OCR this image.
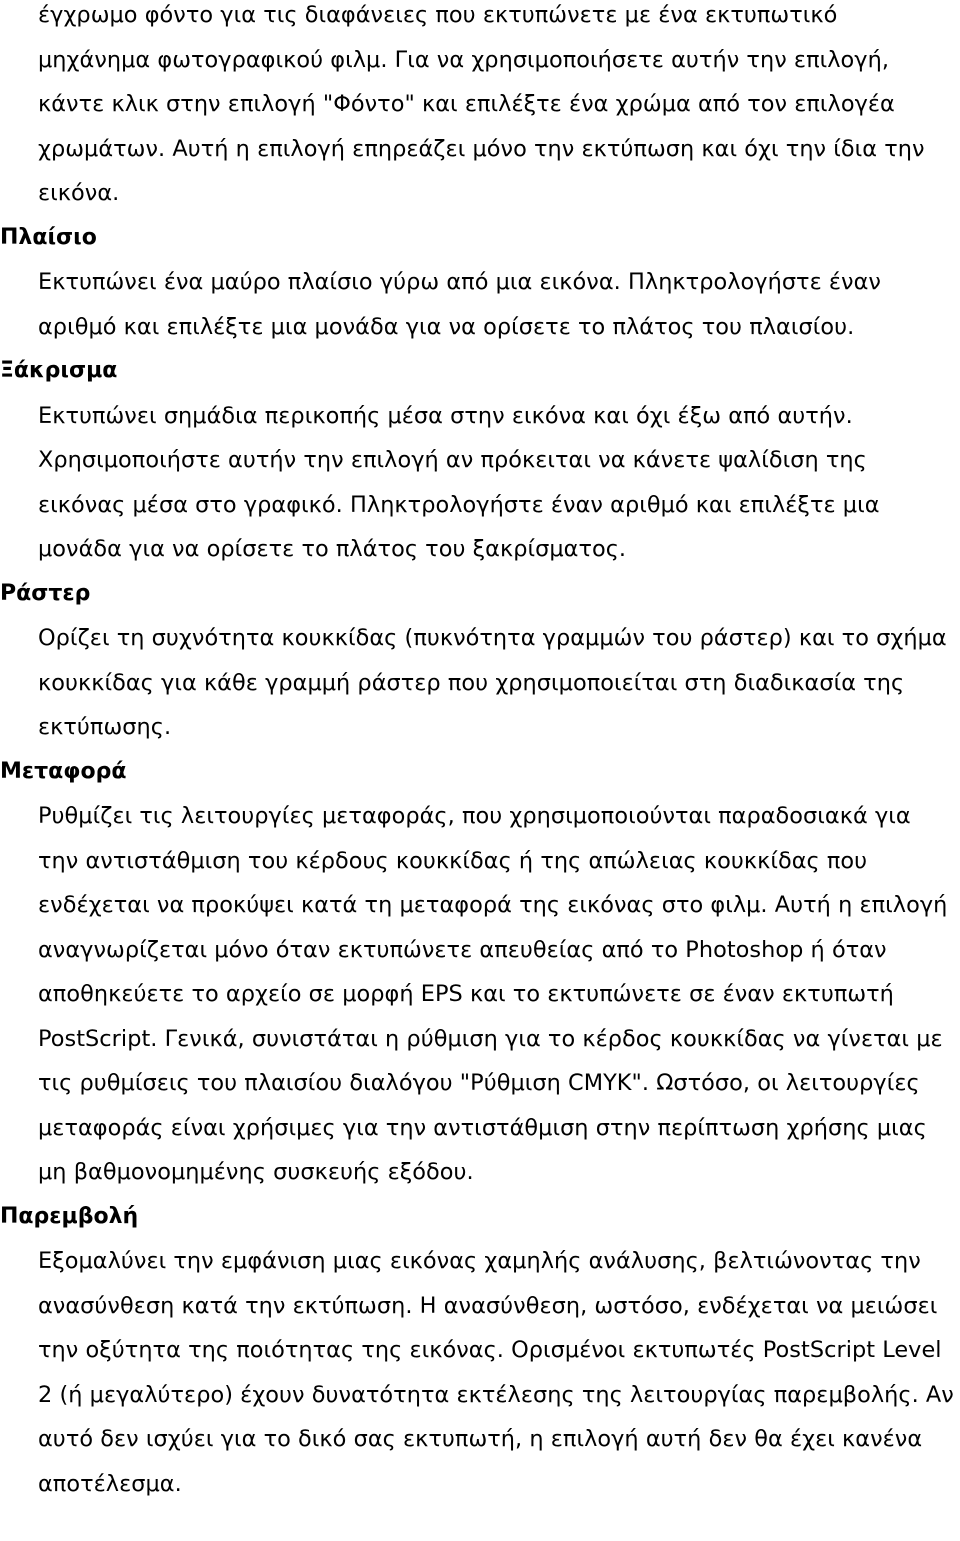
έγχρωμο φόντο για τις διαφάνειες που εκτυπώνετε με ένα εκτυπωτικό μηχάνημα φωτογραφικού φιλμ. Για να χρησιμοποιήσετε αυτήν την επιλογή, κάντε κλικ στην επιλογή "Φόντο" και επιλέξτε ένα χρώμα από τον επιλογέα χρωμάτων. Αυτή η επιλογή επηρεάζει μόνο την εκτύπωση και όχι την ίδια την εικόνα.

Πλαίσιο

Εκτυπώνει ένα μαύρο πλαίσιο γύρω από μια εικόνα. Πληκτρολογήστε έναν αριθμό και επιλέξτε μια μονάδα για να ορίσετε το πλάτος του πλαισίου.

Ξάκρισμα

Εκτυπώνει σημάδια περικοπής μέσα στην εικόνα και όχι έξω από αυτήν. Χρησιμοποιήστε αυτήν την επιλογή αν πρόκειται να κάνετε ψαλίδιση της εικόνας μέσα στο γραφικό. Πληκτρολογήστε έναν αριθμό και επιλέξτε μια μονάδα για να ορίσετε το πλάτος του ξακρίσματος.

Ράστερ

Ορίζει τη συχνότητα κουκκίδας (πυκνότητα γραμμών του ράστερ) και το σχήμα κουκκίδας για κάθε γραμμή ράστερ που χρησιμοποιείται στη διαδικασία της εκτύπωσης.

Μεταφορά

Ρυθμίζει τις λειτουργίες μεταφοράς, που χρησιμοποιούνται παραδοσιακά για την αντιστάθμιση του κέρδους κουκκίδας ή της απώλειας κουκκίδας που ενδέχεται να προκύψει κατά τη μεταφορά της εικόνας στο φιλμ. Αυτή η επιλογή αναγνωρίζεται μόνο όταν εκτυπώνετε απευθείας από το Photoshop ή όταν αποθηκεύετε το αρχείο σε μορφή EPS και το εκτυπώνετε σε έναν εκτυπωτή PostScript. Γενικά, συνιστάται η ρύθμιση για το κέρδος κουκκίδας να γίνεται με τις ρυθμίσεις του πλαισίου διαλόγου "Ρύθμιση CMYK". Ωστόσο, οι λειτουργίες μεταφοράς είναι χρήσιμες για την αντιστάθμιση στην περίπτωση χρήσης μιας μη βαθμονομημένης συσκευής εξόδου.

Παρεμβολή

Εξομαλύνει την εμφάνιση μιας εικόνας χαμηλής ανάλυσης, βελτιώνοντας την ανασύνθεση κατά την εκτύπωση. Η ανασύνθεση, ωστόσο, ενδέχεται να μειώσει την οξύτητα της ποιότητας της εικόνας. Ορισμένοι εκτυπωτές PostScript Level 2 (ή μεγαλύτερο) έχουν δυνατότητα εκτέλεσης της λειτουργίας παρεμβολής. Αν αυτό δεν ισχύει για το δικό σας εκτυπωτή, η επιλογή αυτή δεν θα έχει κανένα αποτέλεσμα.
